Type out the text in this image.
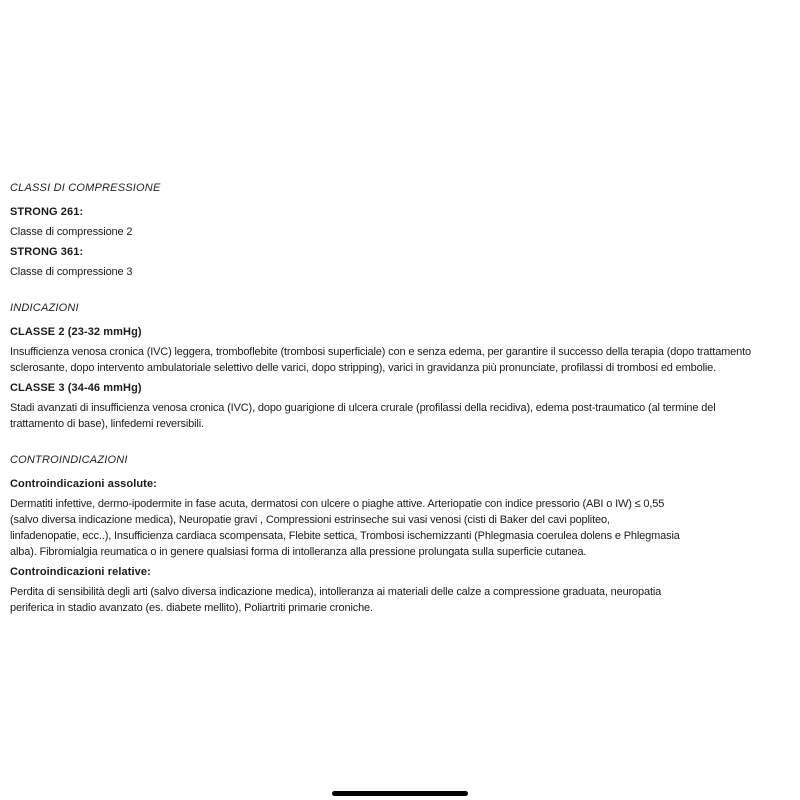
CLASSI DI COMPRESSIONE

STRONG 261:

Classe di compressione 2

STRONG 361:

Classe di compressione 3
INDICAZIONI

CLASSE 2 (23-32 mmHg)

Insufficienza venosa cronica (IVC) leggera, tromboflebite (trombosi superficiale) con e senza edema, per garantire il successo della terapia (dopo trattamento
sclerosante, dopo intervento ambulatoriale selettivo delle varici, dopo stripping), varici in gravidanza più pronunciate, profilassi di trombosi ed embolie.

CLASSE 3 (34-46 mmHg)

Stadi avanzati di insufficienza venosa cronica (IVC), dopo guarigione di ulcera crurale (profilassi della recidiva), edema post-traumatico (al termine del
trattamento di base), linfedemi reversibili.
CONTROINDICAZIONI

Controindicazioni assolute:

Dermatiti infettive, dermo-ipodermite in fase acuta, dermatosi con ulcere o piaghe attive. Arteriopatie con indice pressorio (ABI o IW) ≤ 0,55
(salvo diversa indicazione medica), Neuropatie gravi , Compressioni estrinseche sui vasi venosi (cisti di Baker del cavi popliteo,
linfadenopatie, ecc..), Insufficienza cardiaca scompensata, Flebite settica, Trombosi ischemizzanti (Phlegmasia coerulea dolens e Phlegmasia
alba). Fibromialgia reumatica o in genere qualsiasi forma di intolleranza alla pressione prolungata sulla superficie cutanea.

Controindicazioni relative:

Perdita di sensibilità degli arti (salvo diversa indicazione medica), intolleranza ai materiali delle calze a compressione graduata, neuropatia
periferica in stadio avanzato (es. diabete mellito), Poliartriti primarie croniche.
